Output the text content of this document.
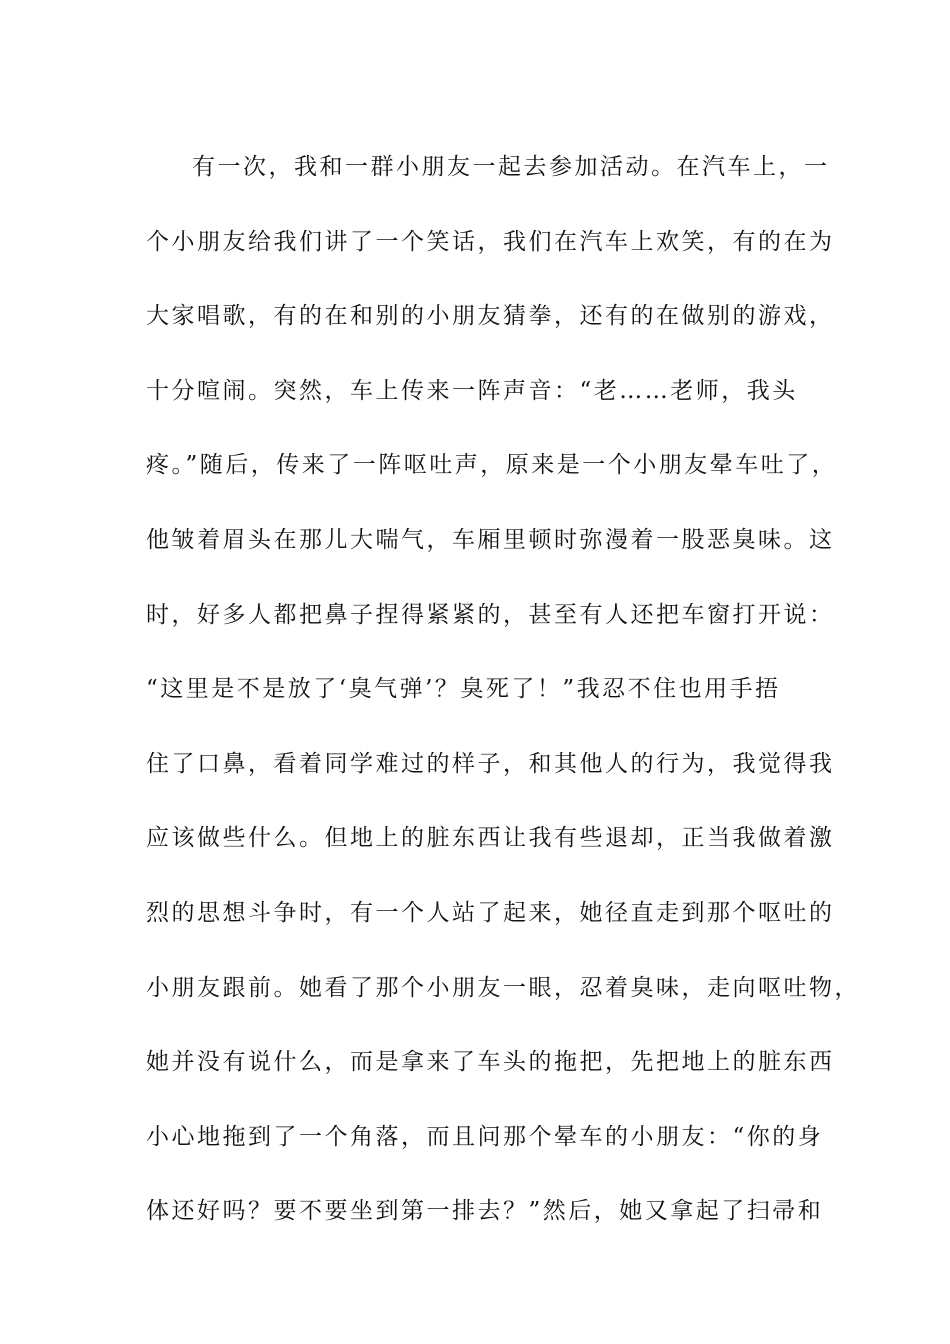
有一次，我和一群小朋友一起去参加活动。在汽车上，一
个小朋友给我们讲了一个笑话，我们在汽车上欢笑，有的在为
大家唱歌，有的在和别的小朋友猜拳，还有的在做别的游戏，
十分喧闹。突然，车上传来一阵声音：“老……老师，我头
疼。”随后，传来了一阵呕吐声，原来是一个小朋友晕车吐了，
他皱着眉头在那儿大喘气，车厢里顿时弥漫着一股恶臭味。这
时，好多人都把鼻子捏得紧紧的，甚至有人还把车窗打开说：
“这里是不是放了‘臭气弹’？臭死了！”我忍不住也用手捂
住了口鼻，看着同学难过的样子，和其他人的行为，我觉得我
应该做些什么。但地上的脏东西让我有些退却，正当我做着激
烈的思想斗争时，有一个人站了起来，她径直走到那个呕吐的
小朋友跟前。她看了那个小朋友一眼，忍着臭味，走向呕吐物，
她并没有说什么，而是拿来了车头的拖把，先把地上的脏东西
小心地拖到了一个角落，而且问那个晕车的小朋友：“你的身
体还好吗？要不要坐到第一排去？”然后，她又拿起了扫帚和
